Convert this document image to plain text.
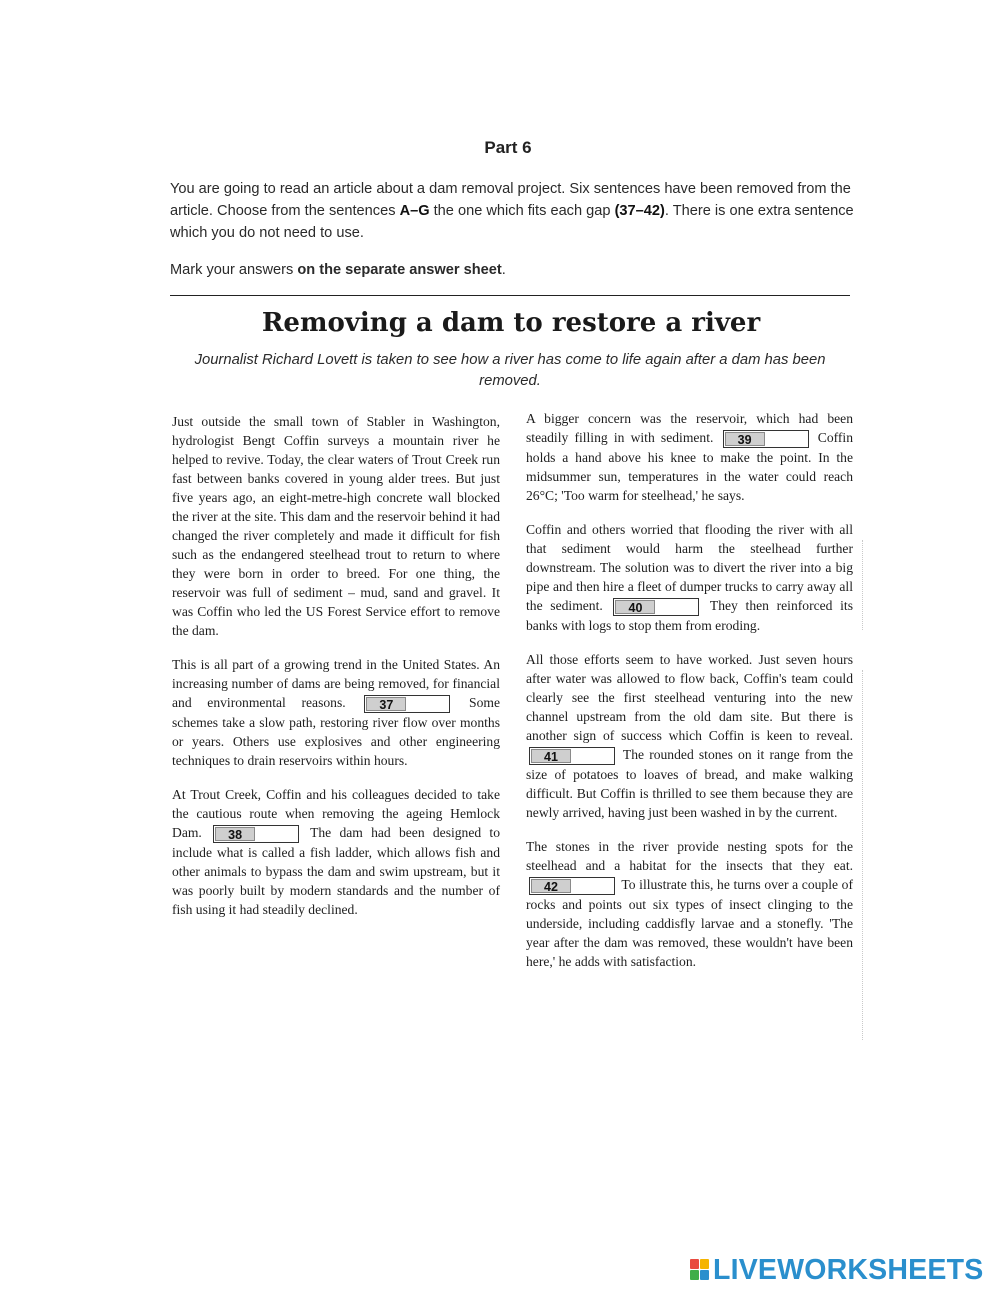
Part 6
You are going to read an article about a dam removal project. Six sentences have been removed from the article. Choose from the sentences A–G the one which fits each gap (37–42). There is one extra sentence which you do not need to use.
Mark your answers on the separate answer sheet.
Removing a dam to restore a river
Journalist Richard Lovett is taken to see how a river has come to life again after a dam has been removed.

Just outside the small town of Stabler in Washington, hydrologist Bengt Coffin surveys a mountain river he helped to revive. Today, the clear waters of Trout Creek run fast between banks covered in young alder trees. But just five years ago, an eight-metre-high concrete wall blocked the river at the site. This dam and the reservoir behind it had changed the river completely and made it difficult for fish such as the endangered steelhead trout to return to where they were born in order to breed. For one thing, the reservoir was full of sediment – mud, sand and gravel. It was Coffin who led the US Forest Service effort to remove the dam.

This is all part of a growing trend in the United States. An increasing number of dams are being removed, for financial and environmental reasons.	37	Some schemes take a slow path, restoring river flow over months or years. Others use explosives and other engineering techniques to drain reservoirs within hours.

At Trout Creek, Coffin and his colleagues decided to take the cautious route when removing the ageing Hemlock Dam.	38	The dam had been designed to include what is called a fish ladder, which allows fish and other animals to bypass the dam and swim upstream, but it was poorly built by modern standards and the number of fish using it had steadily declined.

A bigger concern was the reservoir, which had been steadily filling in with sediment.	39	Coffin holds a hand above his knee to make the point. In the midsummer sun, temperatures in the water could reach 26°C; 'Too warm for steelhead,' he says.

Coffin and others worried that flooding the river with all that sediment would harm the steelhead further downstream. The solution was to divert the river into a big pipe and then hire a fleet of dumper trucks to carry away all the sediment.	40	They then reinforced its banks with logs to stop them from eroding.

All those efforts seem to have worked. Just seven hours after water was allowed to flow back, Coffin's team could clearly see the first steelhead venturing into the new channel upstream from the old dam site. But there is another sign of success which Coffin is keen to reveal.
41	The rounded stones on it range from the size of potatoes to loaves of bread, and make walking difficult. But Coffin is thrilled to see them because they are newly arrived, having just been washed in by the current.

The stones in the river provide nesting spots for the steelhead and a habitat for the insects that they eat.
42	To illustrate this, he turns over a couple of rocks and points out six types of insect clinging to the underside, including caddisfly larvae and a stonefly. 'The year after the dam was removed, these wouldn't have been here,' he adds with satisfaction.

LIVEWORKSHEETS
